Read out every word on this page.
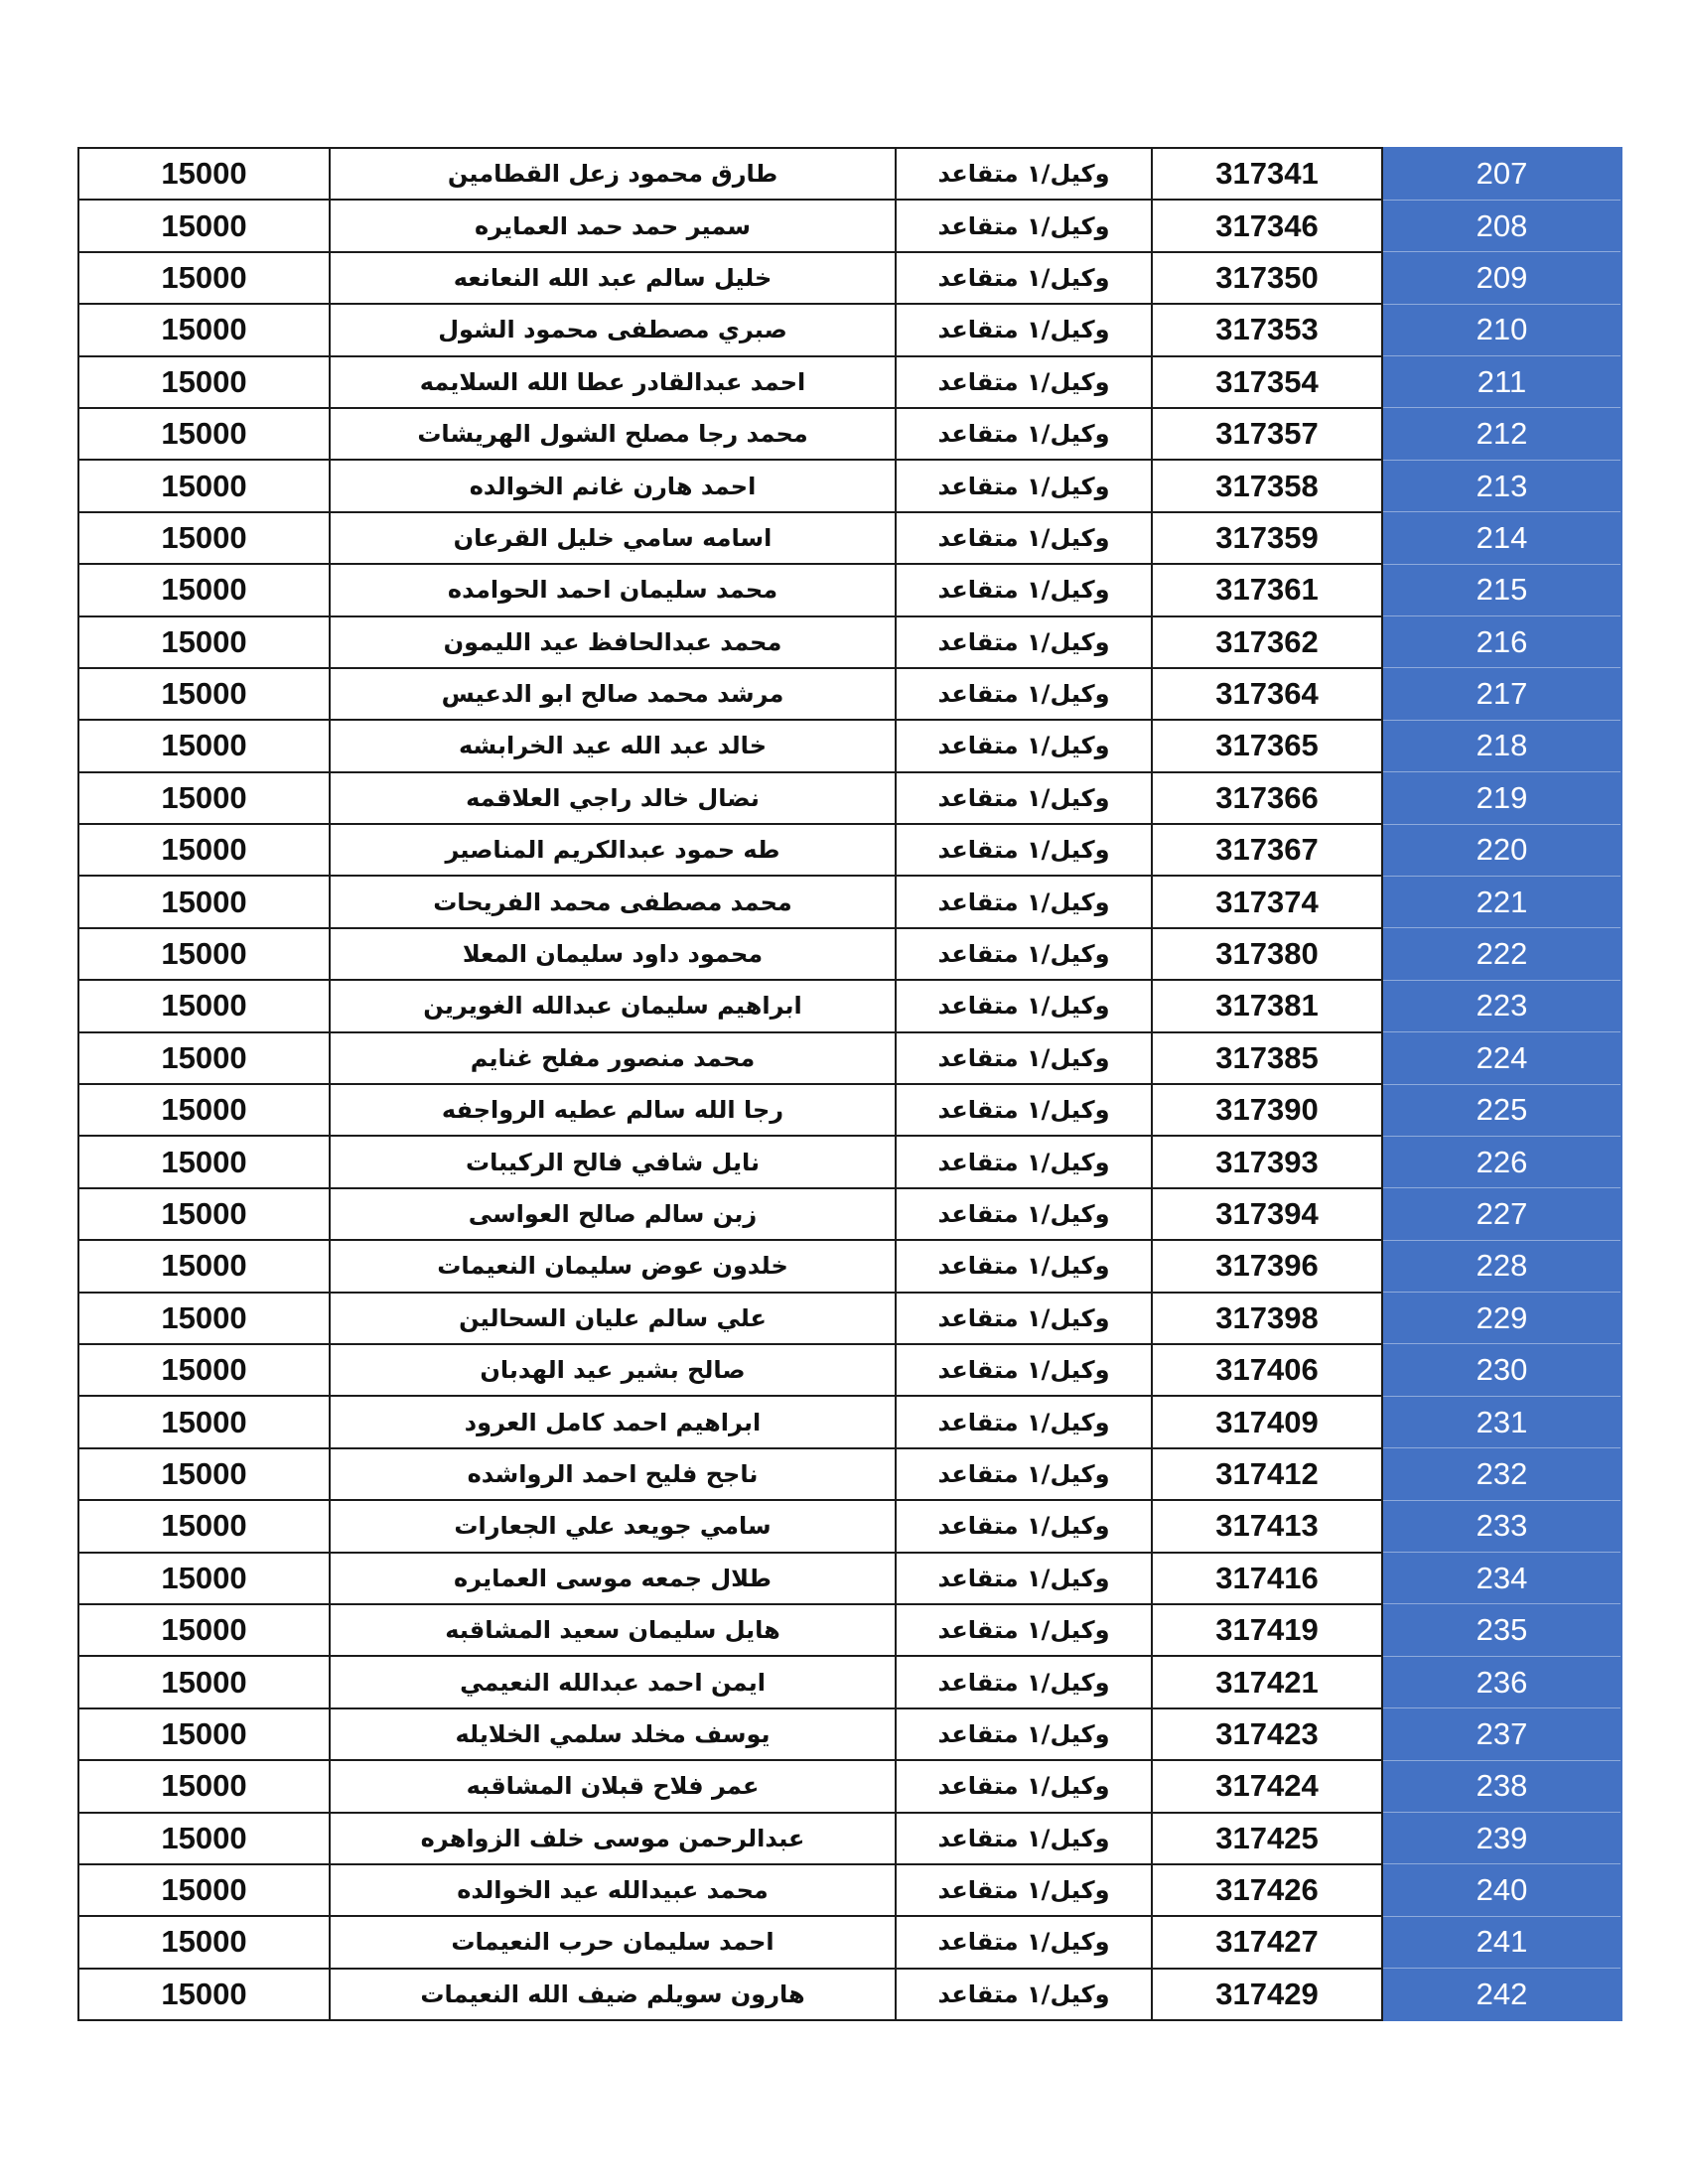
15000	طارق محمود زعل القطامين	وكيل/١ متقاعد	317341	207
15000	سمير حمد حمد العمايره	وكيل/١ متقاعد	317346	208
15000	خليل سالم عبد الله النعانعه	وكيل/١ متقاعد	317350	209
15000	صبري مصطفى محمود الشول	وكيل/١ متقاعد	317353	210
15000	احمد عبدالقادر عطا الله السلايمه	وكيل/١ متقاعد	317354	211
15000	محمد رجا مصلح الشول الهريشات	وكيل/١ متقاعد	317357	212
15000	احمد هارن غانم الخوالده	وكيل/١ متقاعد	317358	213
15000	اسامه سامي خليل القرعان	وكيل/١ متقاعد	317359	214
15000	محمد سليمان احمد الحوامده	وكيل/١ متقاعد	317361	215
15000	محمد عبدالحافظ عيد الليمون	وكيل/١ متقاعد	317362	216
15000	مرشد محمد صالح ابو الدعيس	وكيل/١ متقاعد	317364	217
15000	خالد عبد الله عيد الخرابشه	وكيل/١ متقاعد	317365	218
15000	نضال خالد راجي العلاقمه	وكيل/١ متقاعد	317366	219
15000	طه حمود عبدالكريم المناصير	وكيل/١ متقاعد	317367	220
15000	محمد مصطفى محمد الفريحات	وكيل/١ متقاعد	317374	221
15000	محمود داود سليمان المعلا	وكيل/١ متقاعد	317380	222
15000	ابراهيم سليمان عبدالله الغويرين	وكيل/١ متقاعد	317381	223
15000	محمد منصور مفلح غنايم	وكيل/١ متقاعد	317385	224
15000	رجا الله سالم عطيه الرواجفه	وكيل/١ متقاعد	317390	225
15000	نايل شافي فالح الركيبات	وكيل/١ متقاعد	317393	226
15000	زبن سالم صالح العواسى	وكيل/١ متقاعد	317394	227
15000	خلدون عوض سليمان النعيمات	وكيل/١ متقاعد	317396	228
15000	علي سالم عليان السحالين	وكيل/١ متقاعد	317398	229
15000	صالح بشير عيد الهدبان	وكيل/١ متقاعد	317406	230
15000	ابراهيم احمد كامل العرود	وكيل/١ متقاعد	317409	231
15000	ناجح فليح احمد الرواشده	وكيل/١ متقاعد	317412	232
15000	سامي جويعد علي الجعارات	وكيل/١ متقاعد	317413	233
15000	طلال جمعه موسى العمايره	وكيل/١ متقاعد	317416	234
15000	هايل سليمان سعيد المشاقبه	وكيل/١ متقاعد	317419	235
15000	ايمن احمد عبدالله النعيمي	وكيل/١ متقاعد	317421	236
15000	يوسف مخلد سلمي الخلايله	وكيل/١ متقاعد	317423	237
15000	عمر فلاح قبلان المشاقبه	وكيل/١ متقاعد	317424	238
15000	عبدالرحمن موسى خلف الزواهره	وكيل/١ متقاعد	317425	239
15000	محمد عبيدالله عيد الخوالده	وكيل/١ متقاعد	317426	240
15000	احمد سليمان حرب النعيمات	وكيل/١ متقاعد	317427	241
15000	هارون سويلم ضيف الله النعيمات	وكيل/١ متقاعد	317429	242
